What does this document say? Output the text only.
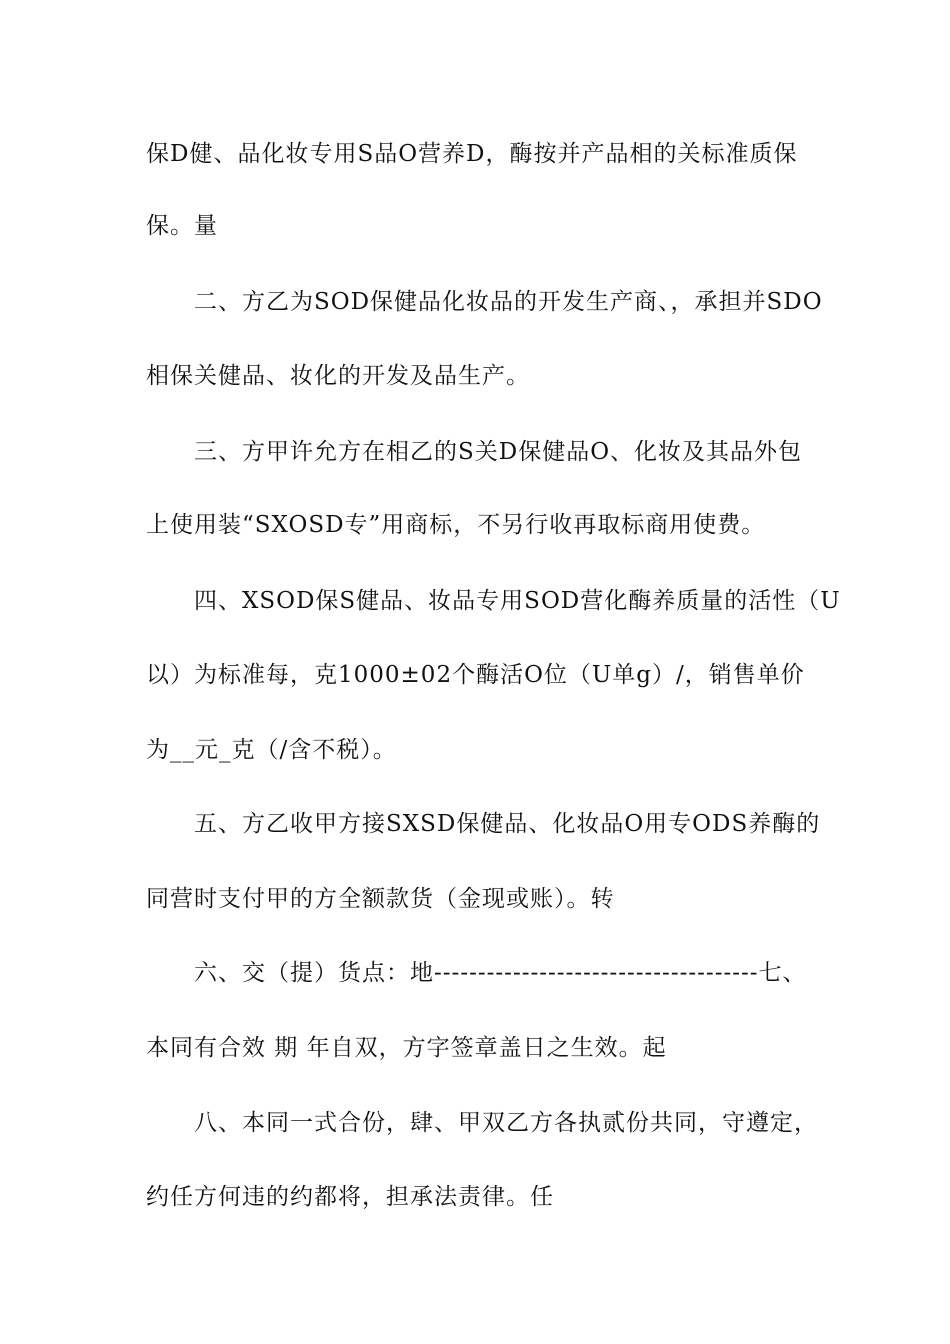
保D健、品化妆专用S品O营养D，酶按并产品相的关标准质保
保。量
二、方乙为SOD保健品化妆品的开发生产商、，承担并SDO
相保关健品、妆化的开发及品生产。
三、方甲许允方在相乙的S关D保健品O、化妆及其品外包
上使用装“SXOSD专”用商标，不另行收再取标商用使费。
四、XSOD保S健品、妆品专用SOD营化酶养质量的活性（U
以）为标准每，克1000±02个酶活O位（U单g）/，销售单价
为__元_克（/含不税）。
五、方乙收甲方接SXSD保健品、化妆品O用专ODS养酶的
同营时支付甲的方全额款货（金现或账）。转
六、交（提）货点：地-------------------------------------七、
本同有合效 期 年自双，方字签章盖日之生效。起
八、本同一式合份，肆、甲双乙方各执贰份共同，守遵定，
约任方何违的约都将，担承法责律。任
